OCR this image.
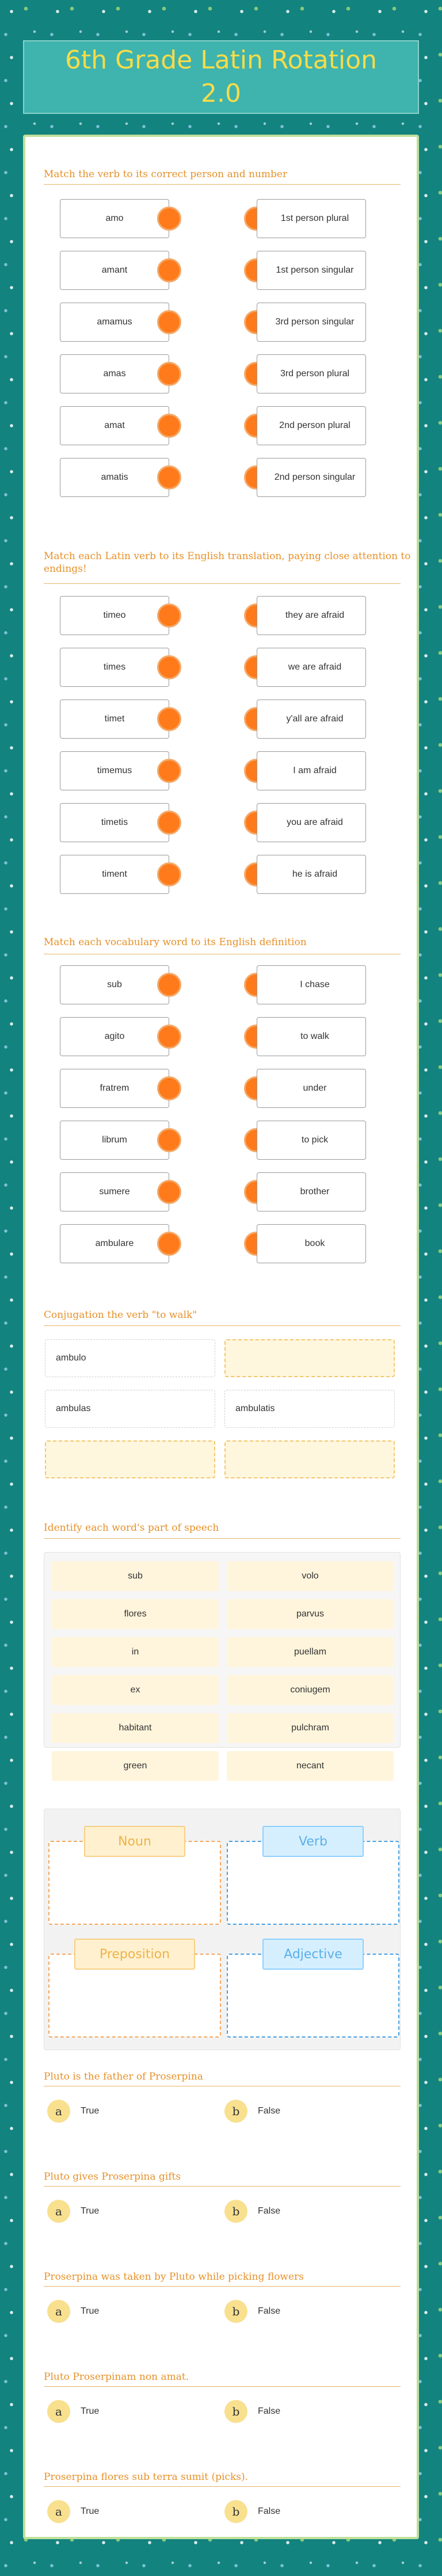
6th Grade Latin Rotation 2.0
Match the verb to its correct person and number
amo	1st person plural
amant	1st person singular
amamus	3rd person singular
amas	3rd person plural
amat	2nd person plural
amatis	2nd person singular
Match each Latin verb to its English translation, paying close attention to endings!
timeo	they are afraid
times	we are afraid
timet	y'all are afraid
timemus	I am afraid
timetis	you are afraid
timent	he is afraid
Match each vocabulary word to its English definition
sub	I chase
agito	to walk
fratrem	under
librum	to pick
sumere	brother
ambulare	book
Conjugation the verb "to walk"
ambulo
ambulas	ambulatis
Identify each word's part of speech
sub	volo
flores	parvus
in	puellam
ex	coniugem
habitant	pulchram
green	necant
Noun	Verb
Preposition	Adjective
Pluto is the father of Proserpina
a	True	b	False
Pluto gives Proserpina gifts
a	True	b	False
Proserpina was taken by Pluto while picking flowers
a	True	b	False
Pluto Proserpinam non amat.
a	True	b	False
Proserpina flores sub terra sumit (picks).
a	True	b	False
